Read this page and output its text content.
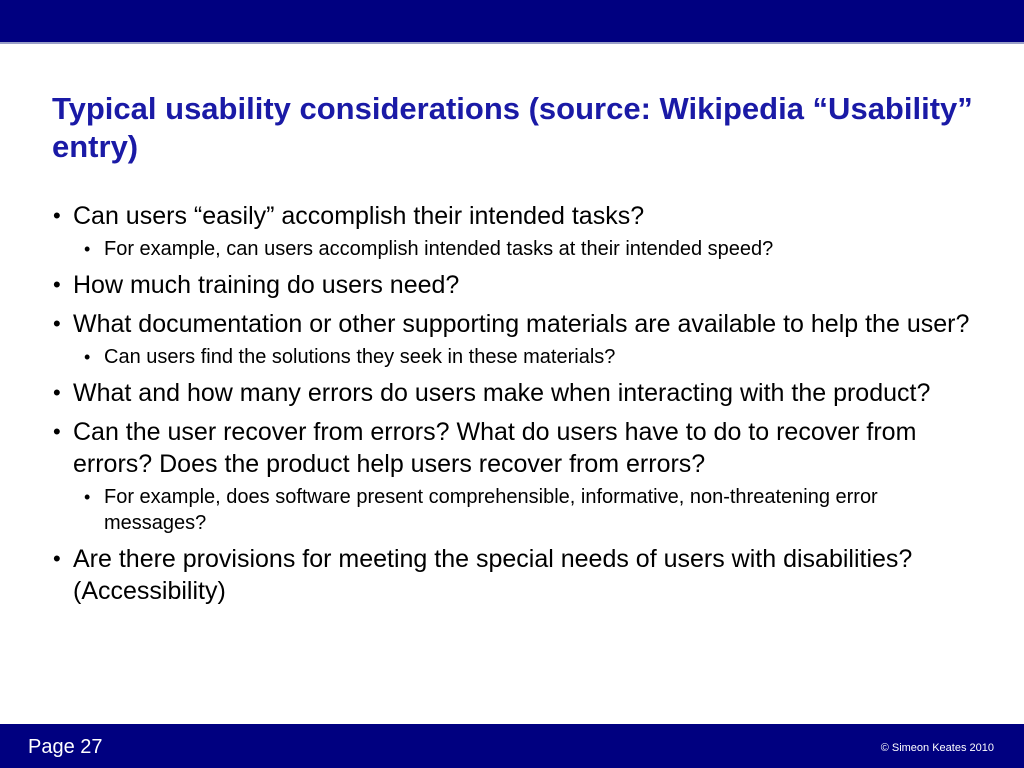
Typical usability considerations (source: Wikipedia “Usability” entry)
• Can users “easily” accomplish their intended tasks?
• For example, can users accomplish intended tasks at their intended speed?
• How much training do users need?
• What documentation or other supporting materials are available to help the user?
• Can users find the solutions they seek in these materials?
• What and how many errors do users make when interacting with the product?
• Can the user recover from errors? What do users have to do to recover from errors? Does the product help users recover from errors?
• For example, does software present comprehensible, informative, non-threatening error messages?
• Are there provisions for meeting the special needs of users with disabilities? (Accessibility)
Page 27	© Simeon Keates 2010
